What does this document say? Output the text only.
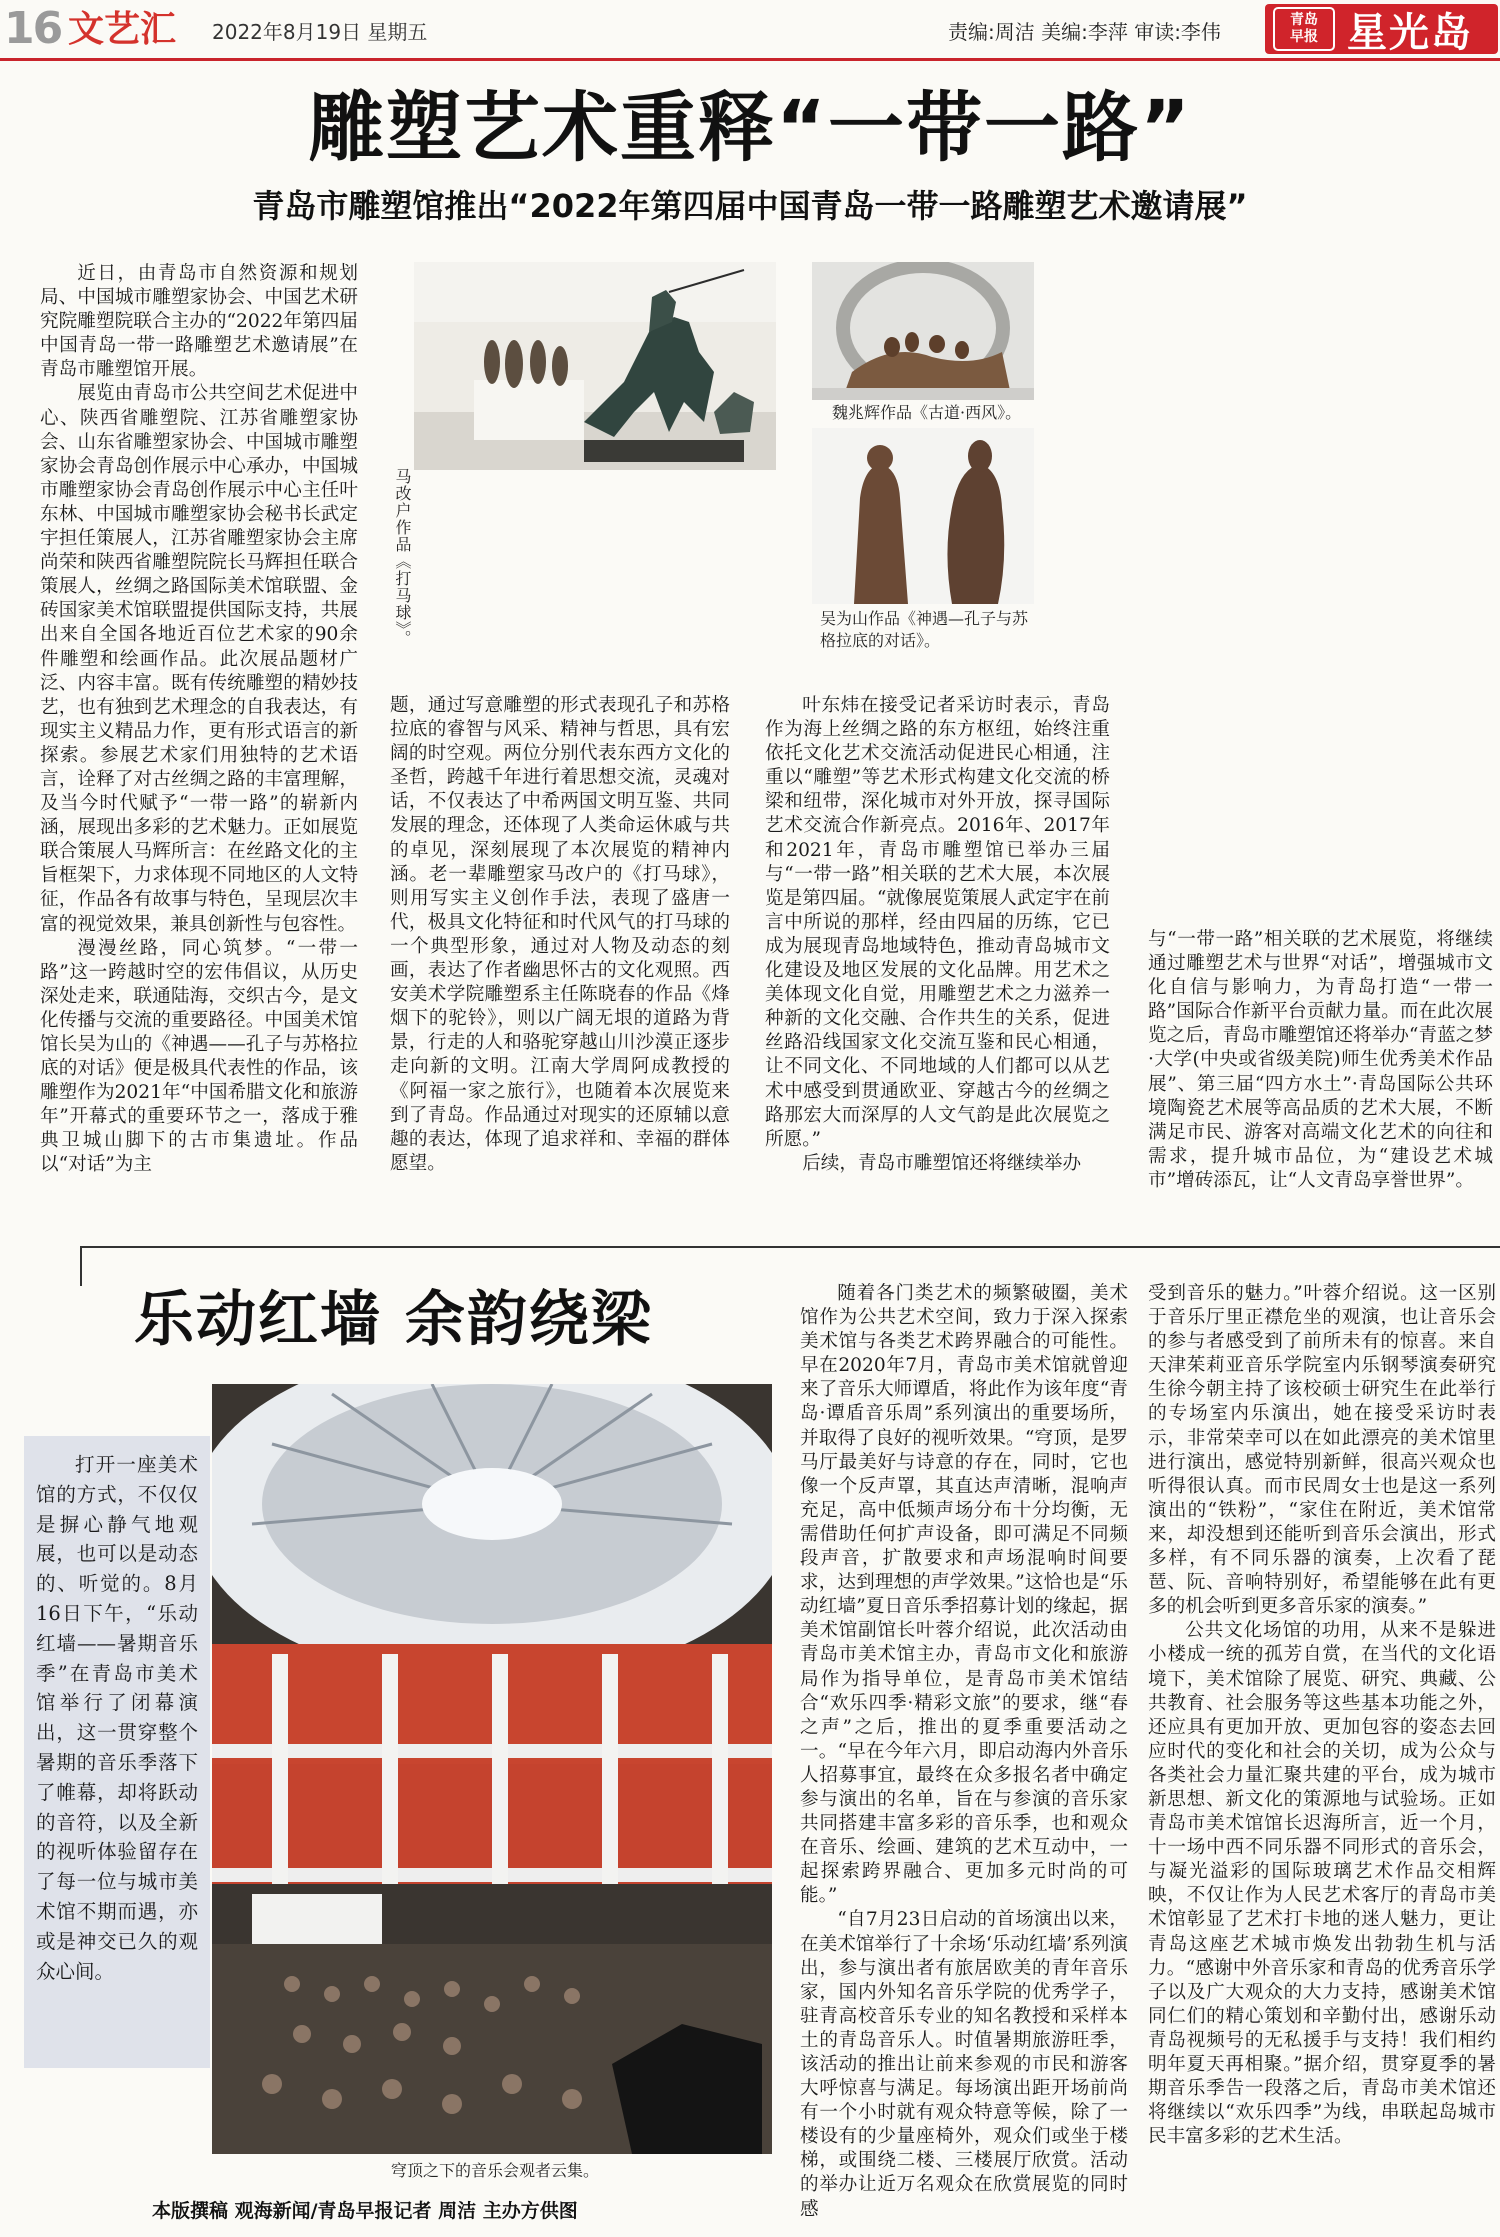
16 文艺汇 2022年8月19日 星期五	责编:周洁 美编:李萍 审读:李伟	青岛
早报 星光岛
雕塑艺术重释“一带一路”
青岛市雕塑馆推出“2022年第四届中国青岛一带一路雕塑艺术邀请展”

近日，由青岛市自然资源和规划局、中国城市雕塑家协会、中国艺术研究院雕塑院联合主办的“2022年第四届中国青岛一带一路雕塑艺术邀请展”在青岛市雕塑馆开展。

展览由青岛市公共空间艺术促进中心、陕西省雕塑院、江苏省雕塑家协会、山东省雕塑家协会、中国城市雕塑家协会青岛创作展示中心承办，中国城市雕塑家协会青岛创作展示中心主任叶东林、中国城市雕塑家协会秘书长武定宇担任策展人，江苏省雕塑家协会主席尚荣和陕西省雕塑院院长马辉担任联合策展人，丝绸之路国际美术馆联盟、金砖国家美术馆联盟提供国际支持，共展出来自全国各地近百位艺术家的90余件雕塑和绘画作品。此次展品题材广泛、内容丰富。既有传统雕塑的精妙技艺，也有独到艺术理念的自我表达，有现实主义精品力作，更有形式语言的新探索。参展艺术家们用独特的艺术语言，诠释了对古丝绸之路的丰富理解，及当今时代赋予“一带一路”的崭新内涵，展现出多彩的艺术魅力。正如展览联合策展人马辉所言：在丝路文化的主旨框架下，力求体现不同地区的人文特征，作品各有故事与特色，呈现层次丰富的视觉效果，兼具创新性与包容性。

漫漫丝路，同心筑梦。“一带一路”这一跨越时空的宏伟倡议，从历史深处走来，联通陆海，交织古今，是文化传播与交流的重要路径。中国美术馆馆长吴为山的《神遇——孔子与苏格拉底的对话》便是极具代表性的作品，该雕塑作为2021年“中国希腊文化和旅游年”开幕式的重要环节之一，落成于雅典卫城山脚下的古市集遗址。作品以“对话”为主

马改户作品《打马球》。
魏兆辉作品《古道·西风》。
吴为山作品《神遇—孔子与苏格拉底的对话》。

题，通过写意雕塑的形式表现孔子和苏格拉底的睿智与风采、精神与哲思，具有宏阔的时空观。两位分别代表东西方文化的圣哲，跨越千年进行着思想交流，灵魂对话，不仅表达了中希两国文明互鉴、共同发展的理念，还体现了人类命运休戚与共的卓见，深刻展现了本次展览的精神内涵。老一辈雕塑家马改户的《打马球》，则用写实主义创作手法，表现了盛唐一代，极具文化特征和时代风气的打马球的一个典型形象，通过对人物及动态的刻画，表达了作者幽思怀古的文化观照。西安美术学院雕塑系主任陈晓春的作品《烽烟下的驼铃》，则以广阔无垠的道路为背景，行走的人和骆驼穿越山川沙漠正逐步走向新的文明。江南大学周阿成教授的《阿福一家之旅行》，也随着本次展览来到了青岛。作品通过对现实的还原辅以意趣的表达，体现了追求祥和、幸福的群体愿望。

叶东炜在接受记者采访时表示，青岛作为海上丝绸之路的东方枢纽，始终注重依托文化艺术交流活动促进民心相通，注重以“雕塑”等艺术形式构建文化交流的桥梁和纽带，深化城市对外开放，探寻国际艺术交流合作新亮点。2016年、2017年和2021年，青岛市雕塑馆已举办三届与“一带一路”相关联的艺术大展，本次展览是第四届。“就像展览策展人武定宇在前言中所说的那样，经由四届的历练，它已成为展现青岛地域特色，推动青岛城市文化建设及地区发展的文化品牌。用艺术之美体现文化自觉，用雕塑艺术之力滋养一种新的文化交融、合作共生的关系，促进丝路沿线国家文化交流互鉴和民心相通，让不同文化、不同地域的人们都可以从艺术中感受到贯通欧亚、穿越古今的丝绸之路那宏大而深厚的人文气韵是此次展览之所愿。”

后续，青岛市雕塑馆还将继续举办

与“一带一路”相关联的艺术展览，将继续通过雕塑艺术与世界“对话”，增强城市文化自信与影响力，为青岛打造“一带一路”国际合作新平台贡献力量。而在此次展览之后，青岛市雕塑馆还将举办“青蓝之梦·大学(中央或省级美院)师生优秀美术作品展”、第三届“四方水土”·青岛国际公共环境陶瓷艺术展等高品质的艺术大展，不断满足市民、游客对高端文化艺术的向往和需求，提升城市品位，为“建设艺术城市”增砖添瓦，让“人文青岛享誉世界”。

乐动红墙 余韵绕梁
穹顶之下的音乐会观者云集。
打开一座美术馆的方式，不仅仅是摒心静气地观展，也可以是动态的、听觉的。8月16日下午，“乐动红墙——暑期音乐季”在青岛市美术馆举行了闭幕演出，这一贯穿整个暑期的音乐季落下了帷幕，却将跃动的音符，以及全新的视听体验留存在了每一位与城市美术馆不期而遇，亦或是神交已久的观众心间。

随着各门类艺术的频繁破圈，美术馆作为公共艺术空间，致力于深入探索美术馆与各类艺术跨界融合的可能性。早在2020年7月，青岛市美术馆就曾迎来了音乐大师谭盾，将此作为该年度“青岛·谭盾音乐周”系列演出的重要场所，并取得了良好的视听效果。“穹顶，是罗马厅最美好与诗意的存在，同时，它也像一个反声罩，其直达声清晰，混响声充足，高中低频声场分布十分均衡，无需借助任何扩声设备，即可满足不同频段声音，扩散要求和声场混响时间要求，达到理想的声学效果。”这恰也是“乐动红墙”夏日音乐季招募计划的缘起，据美术馆副馆长叶蓉介绍说，此次活动由青岛市美术馆主办，青岛市文化和旅游局作为指导单位，是青岛市美术馆结合“欢乐四季·精彩文旅”的要求，继“春之声”之后，推出的夏季重要活动之一。“早在今年六月，即启动海内外音乐人招募事宜，最终在众多报名者中确定参与演出的名单，旨在与参演的音乐家共同搭建丰富多彩的音乐季，也和观众在音乐、绘画、建筑的艺术互动中，一起探索跨界融合、更加多元时尚的可能。”

“自7月23日启动的首场演出以来，在美术馆举行了十余场‘乐动红墙’系列演出，参与演出者有旅居欧美的青年音乐家，国内外知名音乐学院的优秀学子，驻青高校音乐专业的知名教授和采样本土的青岛音乐人。时值暑期旅游旺季，该活动的推出让前来参观的市民和游客大呼惊喜与满足。每场演出距开场前尚有一个小时就有观众特意等候，除了一楼设有的少量座椅外，观众们或坐于楼梯，或围绕二楼、三楼展厅欣赏。活动的举办让近万名观众在欣赏展览的同时感

受到音乐的魅力。”叶蓉介绍说。这一区别于音乐厅里正襟危坐的观演，也让音乐会的参与者感受到了前所未有的惊喜。来自天津茱莉亚音乐学院室内乐钢琴演奏研究生徐今朝主持了该校硕士研究生在此举行的专场室内乐演出，她在接受采访时表示，非常荣幸可以在如此漂亮的美术馆里进行演出，感觉特别新鲜，很高兴观众也听得很认真。而市民周女士也是这一系列演出的“铁粉”，“家住在附近，美术馆常来，却没想到还能听到音乐会演出，形式多样，有不同乐器的演奏，上次看了琵琶、阮、音响特别好，希望能够在此有更多的机会听到更多音乐家的演奏。”

公共文化场馆的功用，从来不是躲进小楼成一统的孤芳自赏，在当代的文化语境下，美术馆除了展览、研究、典藏、公共教育、社会服务等这些基本功能之外，还应具有更加开放、更加包容的姿态去回应时代的变化和社会的关切，成为公众与各类社会力量汇聚共建的平台，成为城市新思想、新文化的策源地与试验场。正如青岛市美术馆馆长迟海所言，近一个月，十一场中西不同乐器不同形式的音乐会，与凝光溢彩的国际玻璃艺术作品交相辉映，不仅让作为人民艺术客厅的青岛市美术馆彰显了艺术打卡地的迷人魅力，更让青岛这座艺术城市焕发出勃勃生机与活力。“感谢中外音乐家和青岛的优秀音乐学子以及广大观众的大力支持，感谢美术馆同仁们的精心策划和辛勤付出，感谢乐动青岛视频号的无私援手与支持！我们相约明年夏天再相聚。”据介绍，贯穿夏季的暑期音乐季告一段落之后，青岛市美术馆还将继续以“欢乐四季”为线，串联起岛城市民丰富多彩的艺术生活。

本版撰稿 观海新闻/青岛早报记者 周洁 主办方供图
